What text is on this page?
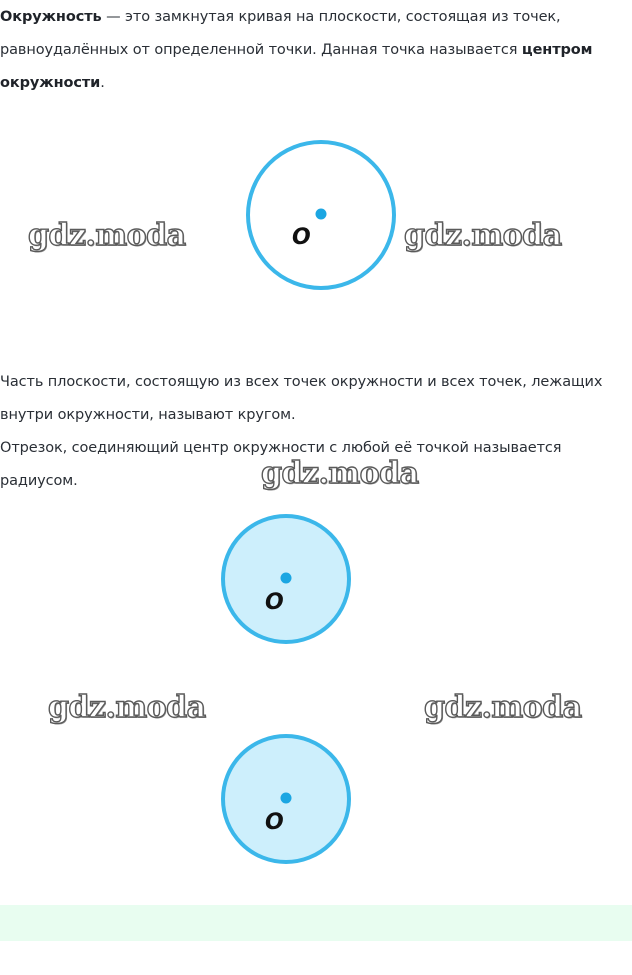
Окружность — это замкнутая кривая на плоскости, состоящая из точек, равноудалённых от определенной точки. Данная точка называется центром окружности.
O
gdz.moda	gdz.moda
Часть плоскости, состоящую из всех точек окружности и всех точек, лежащих внутри окружности, называют кругом.
Отрезок, соединяющий центр окружности с любой её точкой называется радиусом.	gdz.moda
O
gdz.moda	gdz.moda
O
